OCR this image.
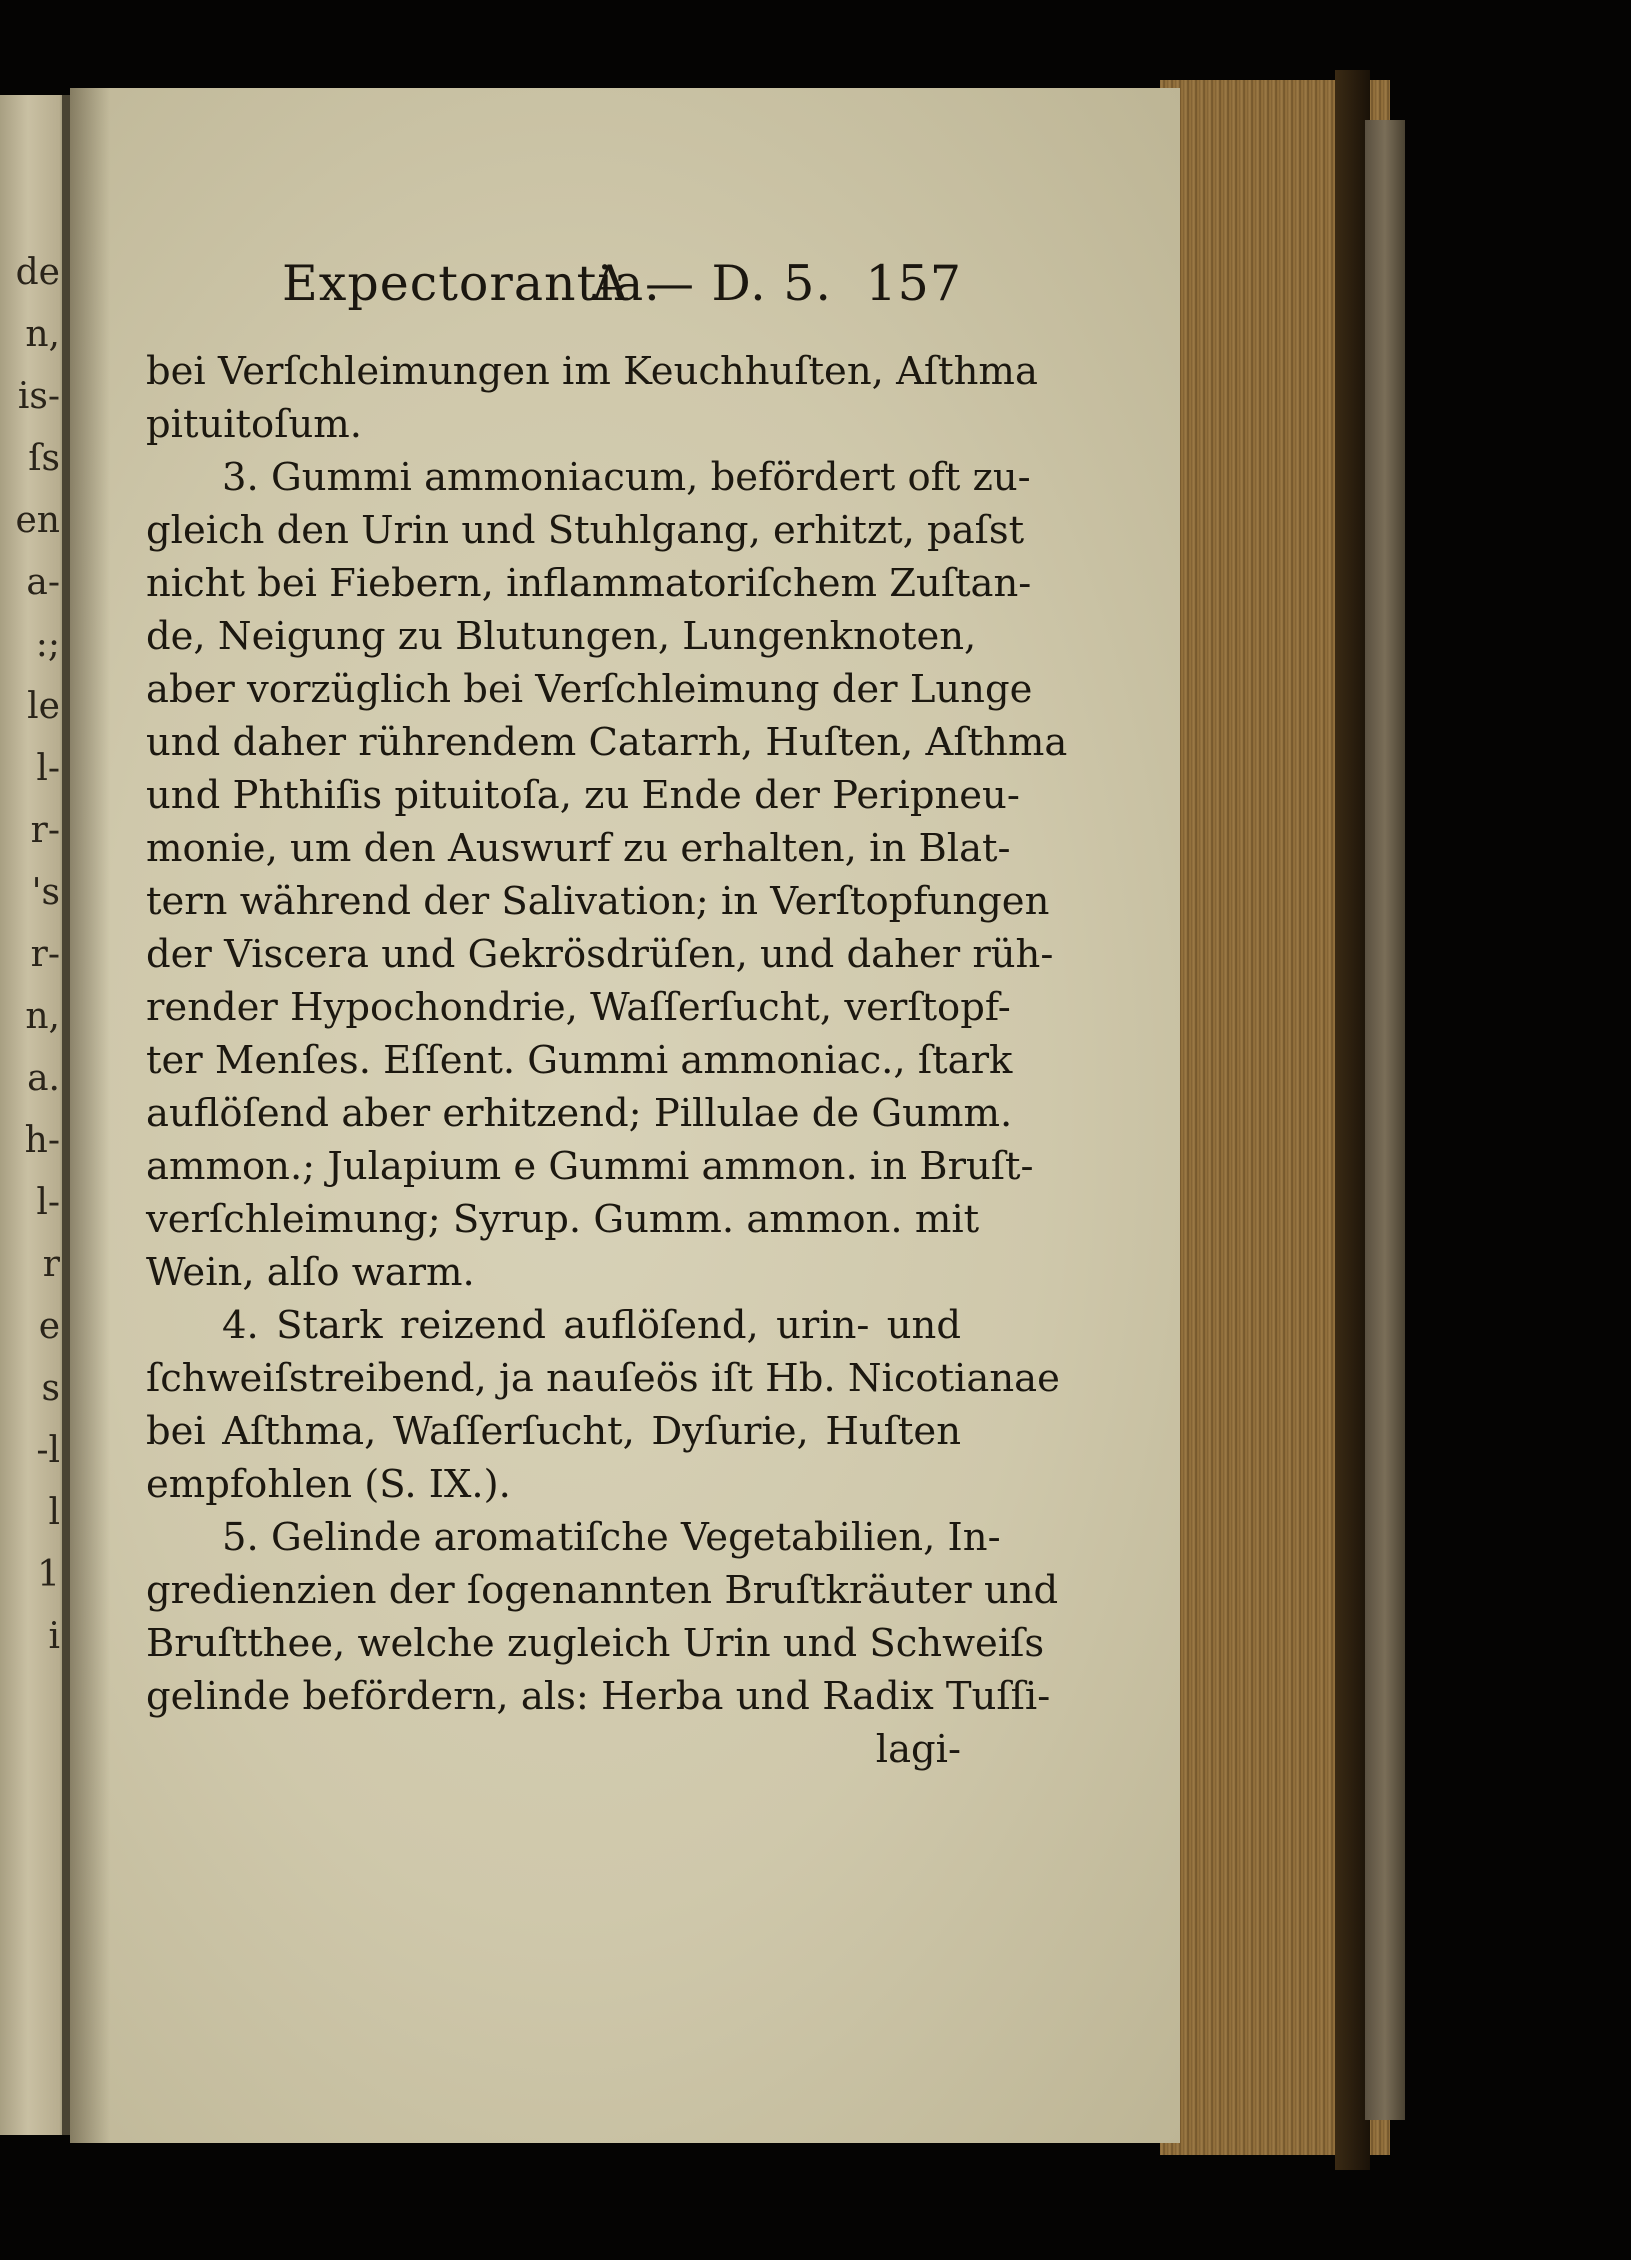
de
n,
is-
ſs
en
a-
:;
le
l-
r-
's
r-
n,
a.
h-
l-
r
e
s
-l
l
1
i
Expectorantia.
A — D. 5. 157
bei Verſchleimungen im Keuchhuſten, Aſthma
pituitoſum.
3. Gummi ammoniacum, befördert oft zu-
gleich den Urin und Stuhlgang, erhitzt, paſst
nicht bei Fiebern, inflammatoriſchem Zuſtan-
de, Neigung zu Blutungen, Lungenknoten,
aber vorzüglich bei Verſchleimung der Lunge
und daher rührendem Catarrh, Huſten, Aſthma
und Phthiſis pituitoſa, zu Ende der Peripneu-
monie, um den Auswurf zu erhalten, in Blat-
tern während der Salivation; in Verſtopfungen
der Viscera und Gekrösdrüſen, und daher rüh-
render Hypochondrie, Waſſerſucht, verſtopf-
ter Menſes. Eſſent. Gummi ammoniac., ſtark
auflöſend aber erhitzend; Pillulae de Gumm.
ammon.; Julapium e Gummi ammon. in Bruſt-
verſchleimung; Syrup. Gumm. ammon. mit
Wein, alſo warm.
4. Stark reizend auflöſend, urin- und
ſchweiſstreibend, ja nauſeös iſt Hb. Nicotianae
bei Aſthma, Waſſerſucht, Dyſurie, Huſten
empfohlen (S. IX.).
5. Gelinde aromatiſche Vegetabilien, In-
gredienzien der ſogenannten Bruſtkräuter und
Bruſtthee, welche zugleich Urin und Schweiſs
gelinde befördern, als: Herba und Radix Tuſſi-
lagi-
